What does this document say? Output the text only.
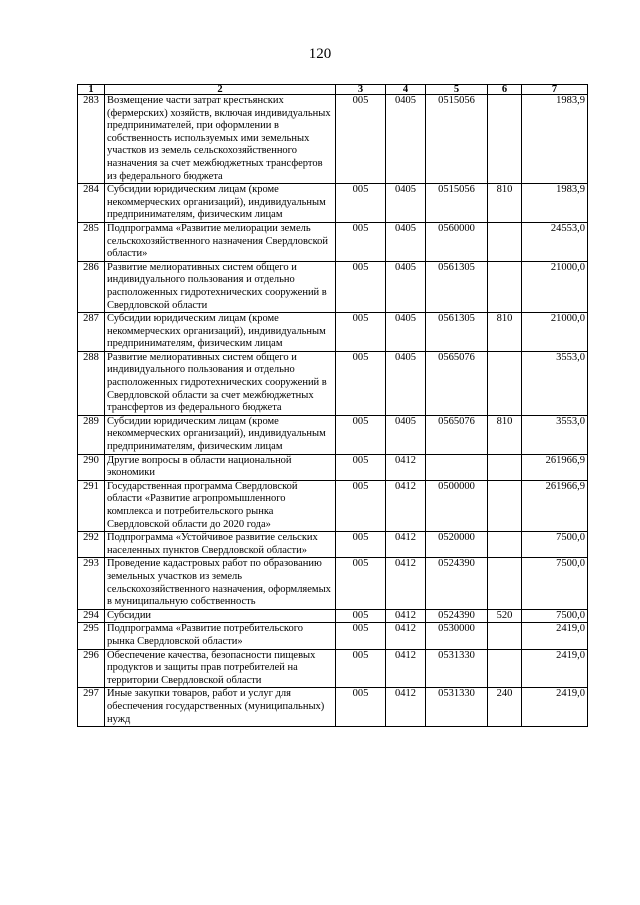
120
1	2	3	4	5	6	7
283	Возмещение части затрат крестьянских (фермерских) хозяйств, включая индивидуальных предпринимателей, при оформлении в собственность используемых ими земельных участков из земель сельскохозяйственного назначения за счет межбюджетных трансфертов из федерального бюджета	005	0405	0515056		1983,9
284	Субсидии юридическим лицам (кроме некоммерческих организаций), индивидуальным предпринимателям, физическим лицам	005	0405	0515056	810	1983,9
285	Подпрограмма «Развитие мелиорации земель сельскохозяйственного назначения Свердловской области»	005	0405	0560000		24553,0
286	Развитие мелиоративных систем общего и индивидуального пользования и отдельно расположенных гидротехнических сооружений в Свердловской области	005	0405	0561305		21000,0
287	Субсидии юридическим лицам (кроме некоммерческих организаций), индивидуальным предпринимателям, физическим лицам	005	0405	0561305	810	21000,0
288	Развитие мелиоративных систем общего и индивидуального пользования и отдельно расположенных гидротехнических сооружений в Свердловской области за счет межбюджетных трансфертов из федерального бюджета	005	0405	0565076		3553,0
289	Субсидии юридическим лицам (кроме некоммерческих организаций), индивидуальным предпринимателям, физическим лицам	005	0405	0565076	810	3553,0
290	Другие вопросы в области национальной экономики	005	0412			261966,9
291	Государственная программа Свердловской области «Развитие агропромышленного комплекса и потребительского рынка Свердловской области до 2020 года»	005	0412	0500000		261966,9
292	Подпрограмма «Устойчивое развитие сельских населенных пунктов Свердловской области»	005	0412	0520000		7500,0
293	Проведение кадастровых работ по образованию земельных участков из земель сельскохозяйственного назначения, оформляемых в муниципальную собственность	005	0412	0524390		7500,0
294	Субсидии	005	0412	0524390	520	7500,0
295	Подпрограмма «Развитие потребительского рынка Свердловской области»	005	0412	0530000		2419,0
296	Обеспечение качества, безопасности пищевых продуктов и защиты прав потребителей на территории Свердловской области	005	0412	0531330		2419,0
297	Иные закупки товаров, работ и услуг для обеспечения государственных (муниципальных) нужд	005	0412	0531330	240	2419,0
